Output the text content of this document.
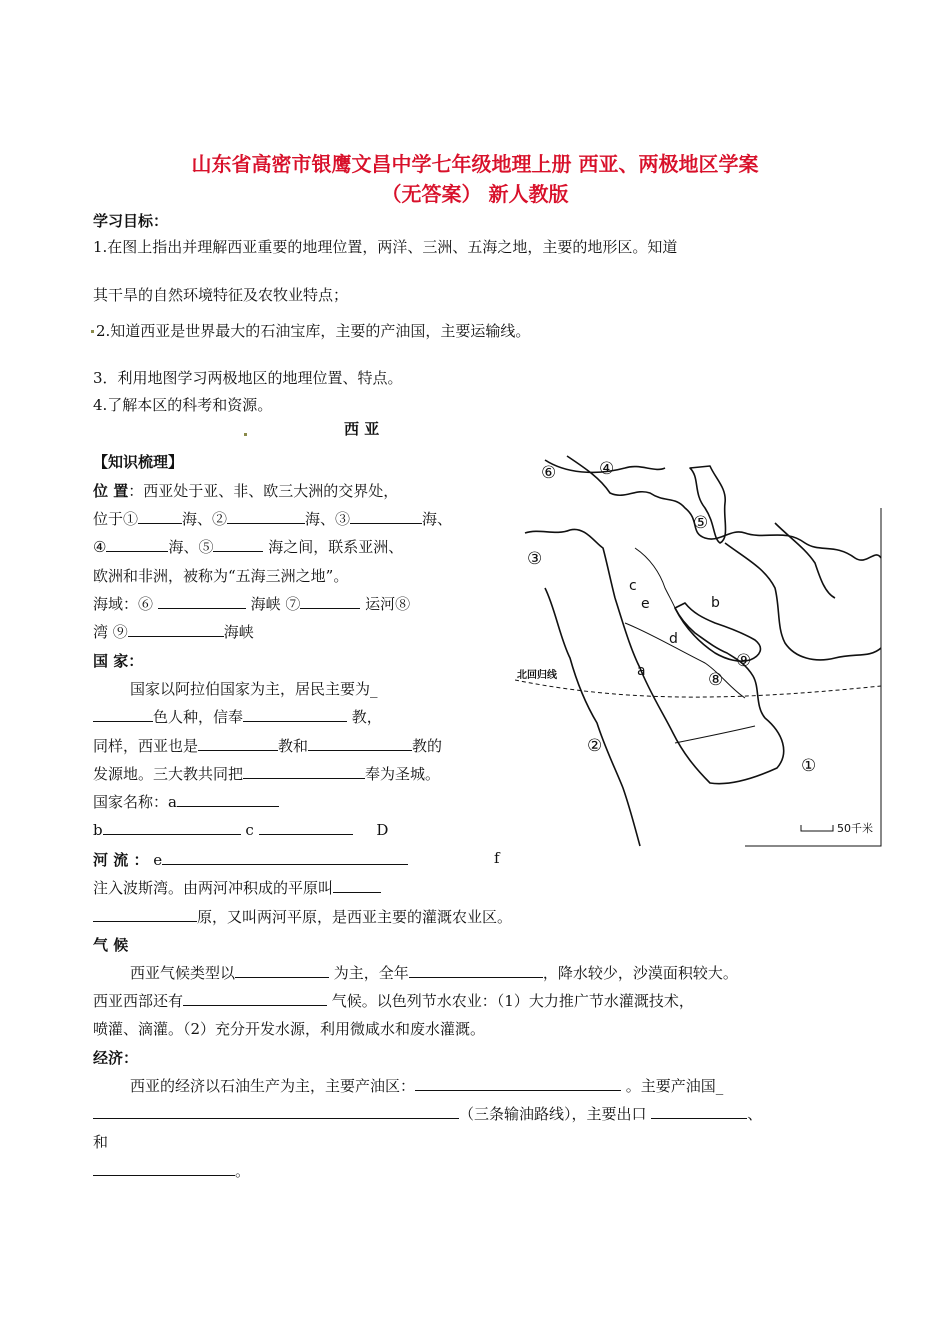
山东省高密市银鹰文昌中学七年级地理上册 西亚、两极地区学案
（无答案） 新人教版
学习目标：
1.在图上指出并理解西亚重要的地理位置，两洋、三洲、五海之地，主要的地形区。知道
其干旱的自然环境特征及农牧业特点；
2.知道西亚是世界最大的石油宝库，主要的产油国，主要运输线。
3．利用地图学习两极地区的地理位置、特点。
4.了解本区的科考和资源。
西 亚
【知识梳理】
位 置：西亚处于亚、非、欧三大洲的交界处，
位于①	海、②	海、③	海、
④	海、⑤	海之间，联系亚洲、
欧洲和非洲，被称为“五海三洲之地”。
海域：⑥	海峡 ⑦	运河⑧
湾 ⑨	海峡
国 家：
国家以阿拉伯国家为主，居民主要为_
色人种，信奉	教，
同样，西亚也是	教和	教的
发源地。三大教共同把	奉为圣城。
国家名称：a
b	c	D
河 流 ： e	f
注入波斯湾。由两河冲积成的平原叫
原，又叫两河平原，是西亚主要的灌溉农业区。
气 候
西亚气候类型以	为主，全年	，降水较少，沙漠面积较大。
西亚西部还有	气候。以色列节水农业：（1）大力推广节水灌溉技术，
喷灌、滴灌。（2）充分开发水源，利用微咸水和废水灌溉。
经济：
西亚的经济以石油生产为主，主要产油区：	。主要产油国_
（三条输油路线），主要出口	、
和
。
北回归线
⑥	④
⑤
③
⑨
⑧
②
①
a
b
c
d
e
50千米
